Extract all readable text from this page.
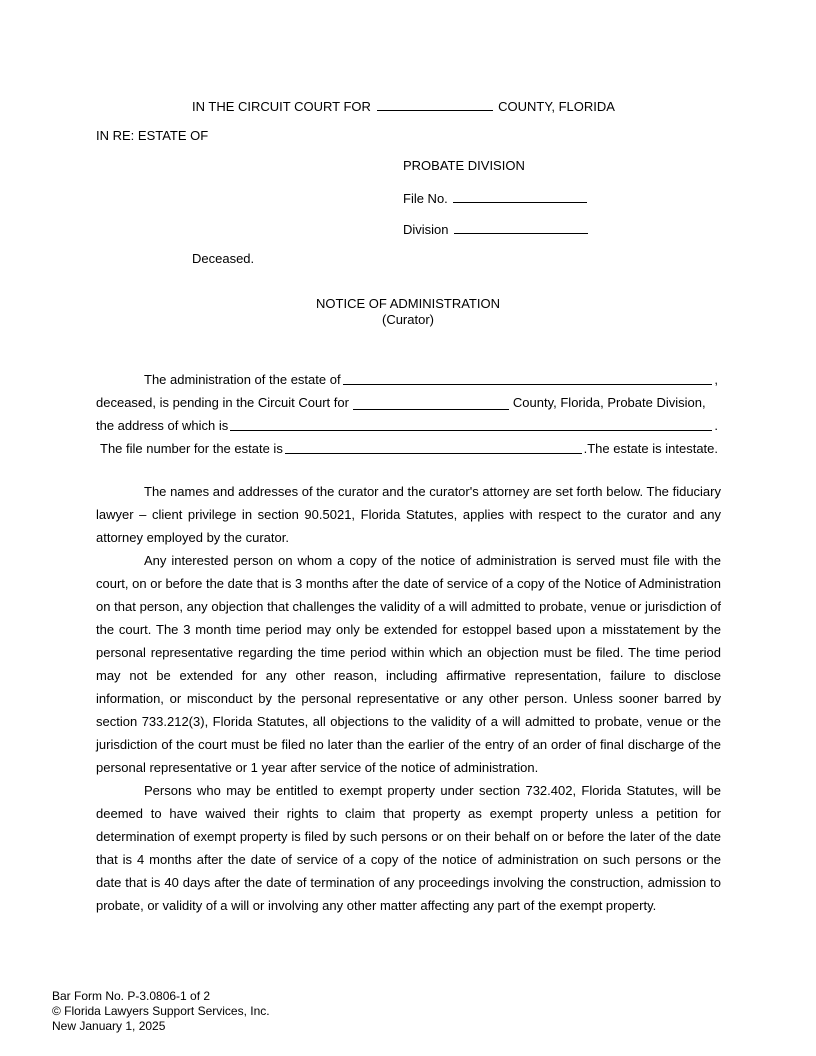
IN THE CIRCUIT COURT FOR	COUNTY, FLORIDA
IN RE: ESTATE OF
PROBATE DIVISION
File No.
Division
Deceased.
NOTICE OF ADMINISTRATION
(Curator)
The administration of the estate of	,
deceased, is pending in the Circuit Court for	County, Florida, Probate Division,
the address of which is	.
The file number for the estate is	.The estate is intestate.

The names and addresses of the curator and the curator's attorney are set forth below. The fiduciary lawyer – client privilege in section 90.5021, Florida Statutes, applies with respect to the curator and any attorney employed by the curator.

Any interested person on whom a copy of the notice of administration is served must file with the court, on or before the date that is 3 months after the date of service of a copy of the Notice of Administration on that person, any objection that challenges the validity of a will admitted to probate, venue or jurisdiction of the court. The 3 month time period may only be extended for estoppel based upon a misstatement by the personal representative regarding the time period within which an objection must be filed. The time period may not be extended for any other reason, including affirmative representation, failure to disclose information, or misconduct by the personal representative or any other person. Unless sooner barred by section 733.212(3), Florida Statutes, all objections to the validity of a will admitted to probate, venue or the jurisdiction of the court must be filed no later than the earlier of the entry of an order of final discharge of the personal representative or 1 year after service of the notice of administration.

Persons who may be entitled to exempt property under section 732.402, Florida Statutes, will be deemed to have waived their rights to claim that property as exempt property unless a petition for determination of exempt property is filed by such persons or on their behalf on or before the later of the date that is 4 months after the date of service of a copy of the notice of administration on such persons or the date that is 40 days after the date of termination of any proceedings involving the construction, admission to probate, or validity of a will or involving any other matter affecting any part of the exempt property.

Bar Form No. P-3.0806-1 of 2
© Florida Lawyers Support Services, Inc.
New January 1, 2025
